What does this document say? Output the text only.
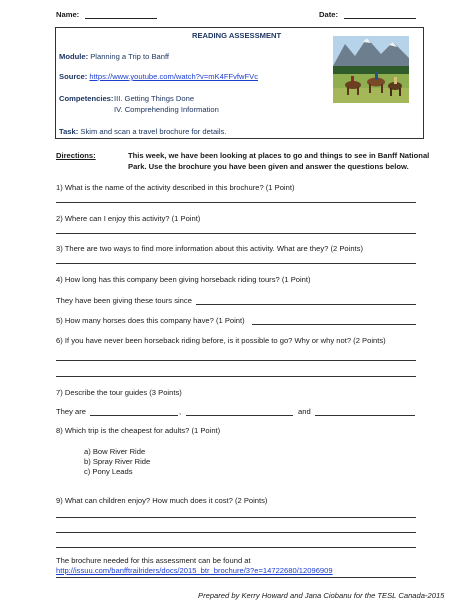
Name:	Date:
READING ASSESSMENT
Module: Planning a Trip to Banff
Source: https://www.youtube.com/watch?v=mK4FFvfwFVc
Competencies: III. Getting Things Done
IV. Comprehending Information
Task: Skim and scan a travel brochure for details.
Directions:	This week, we have been looking at places to go and things to see in Banff National
Park. Use the brochure you have been given and answer the questions below.
1) What is the name of the activity described in this brochure? (1 Point)
2) Where can I enjoy this activity? (1 Point)
3) There are two ways to find more information about this activity. What are they? (2 Points)
4) How long has this company been giving horseback riding tours? (1 Point)
They have been giving these tours since
5) How many horses does this company have? (1 Point)
6) If you have never been horseback riding before, is it possible to go? Why or why not? (2 Points)
7) Describe the tour guides (3 Points)
They are	,	and
8) Which trip is the cheapest for adults? (1 Point)
a) Bow River Ride
b) Spray River Ride
c) Pony Leads
9) What can children enjoy? How much does it cost? (2 Points)
The brochure needed for this assessment can be found at
http://issuu.com/banfftrailriders/docs/2015_btr_brochure/3?e=14722680/12096909
Prepared by Kerry Howard and Jana Ciobanu for the TESL Canada-2015
